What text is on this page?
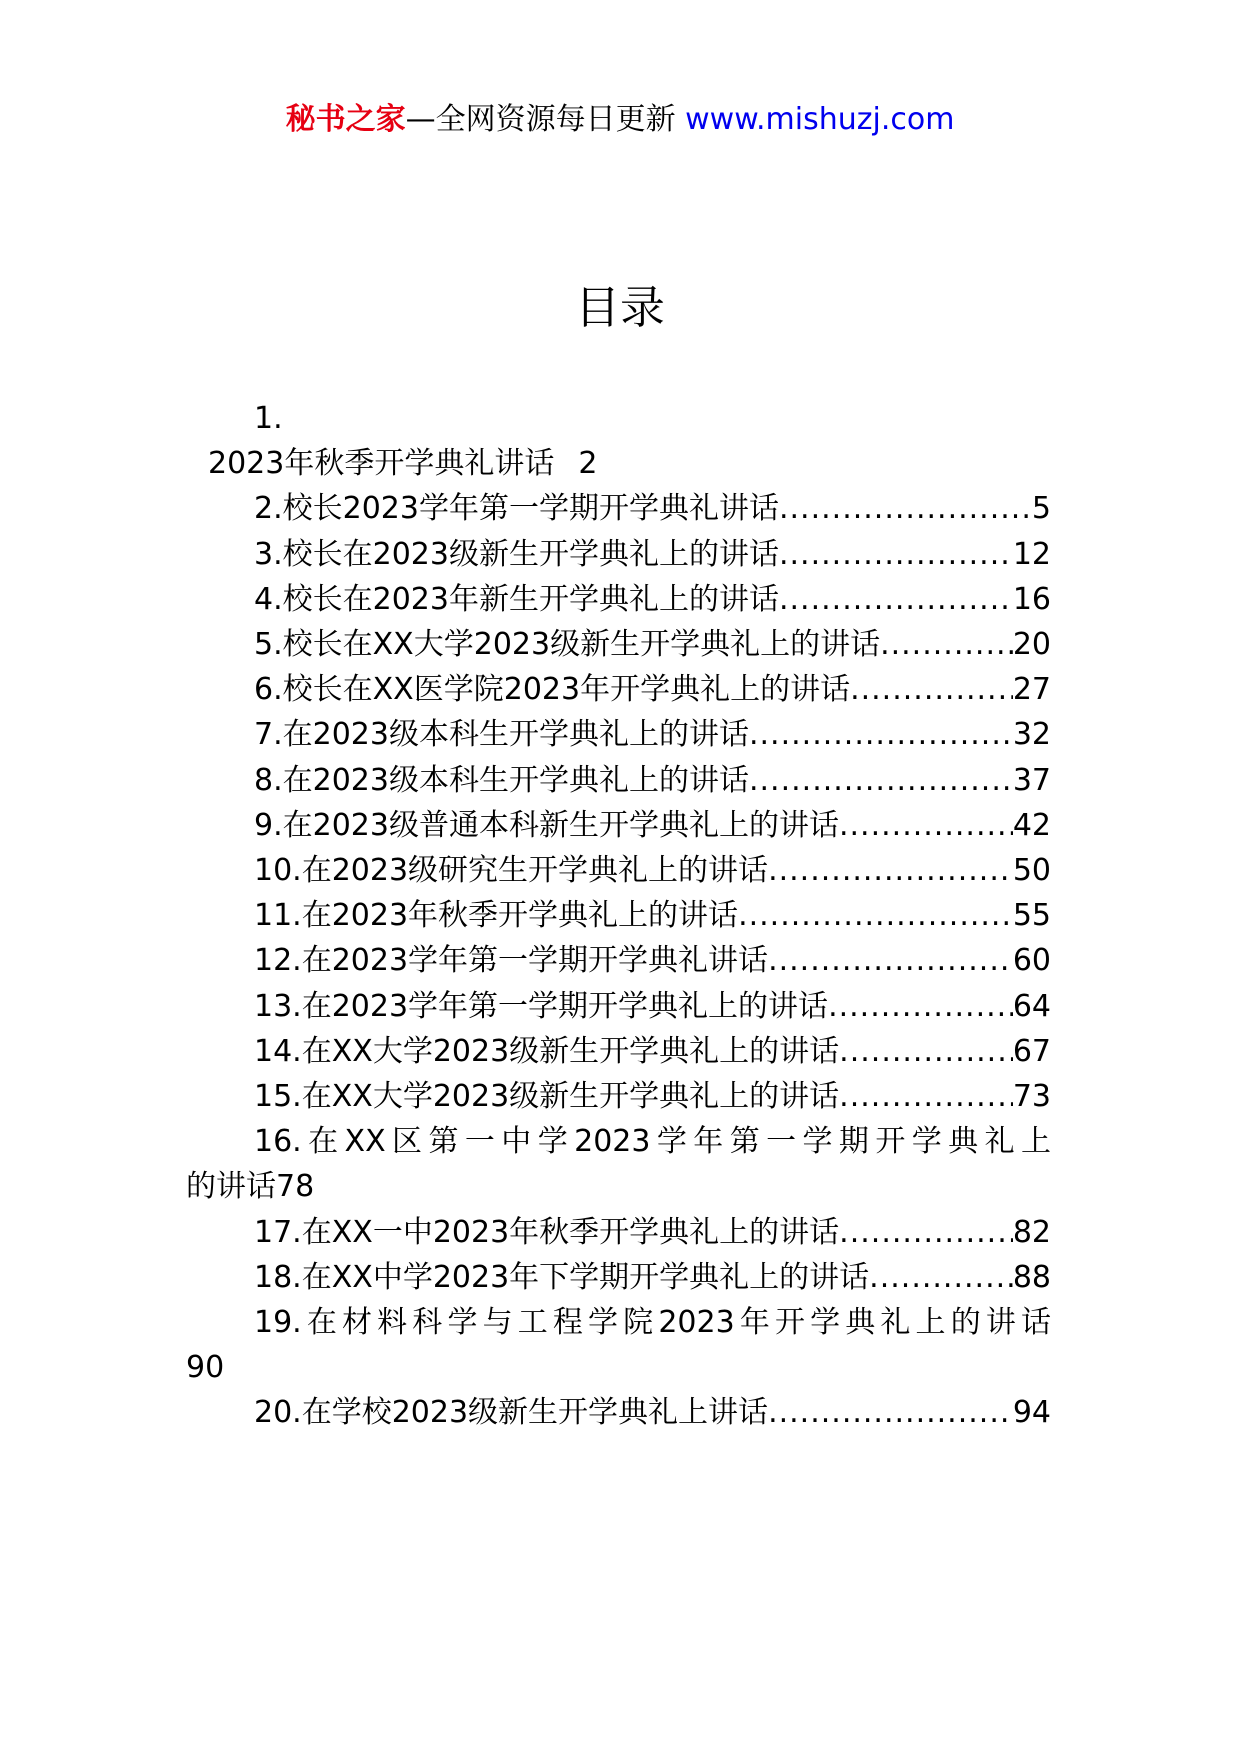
秘书之家—全网资源每日更新 www.mishuzj.com
目录
1.
2023年秋季开学典礼讲话 2
2.校长2023学年第一学期开学典礼讲话 .....	5
3.校长在2023级新生开学典礼上的讲话 .....	12
4.校长在2023年新生开学典礼上的讲话 .....	16
5.校长在XX大学2023级新生开学典礼上的讲话 .....	20
6.校长在XX医学院2023年开学典礼上的讲话 .....	27
7.在2023级本科生开学典礼上的讲话 .....	32
8.在2023级本科生开学典礼上的讲话 .....	37
9.在2023级普通本科新生开学典礼上的讲话 .....	42
10.在2023级研究生开学典礼上的讲话 .....	50
11.在2023年秋季开学典礼上的讲话 .....	55
12.在2023学年第一学期开学典礼讲话 .....	60
13.在2023学年第一学期开学典礼上的讲话 .....	64
14.在XX大学2023级新生开学典礼上的讲话 .....	67
15.在XX大学2023级新生开学典礼上的讲话 .....	73
16.在XX区第一中学2023学年第一学期开学典礼上
的讲话 78
17.在XX一中2023年秋季开学典礼上的讲话 .....	82
18.在XX中学2023年下学期开学典礼上的讲话 .....	88
19.在材料科学与工程学院2023年开学典礼上的讲话
90
20.在学校2023级新生开学典礼上讲话 .....	94
